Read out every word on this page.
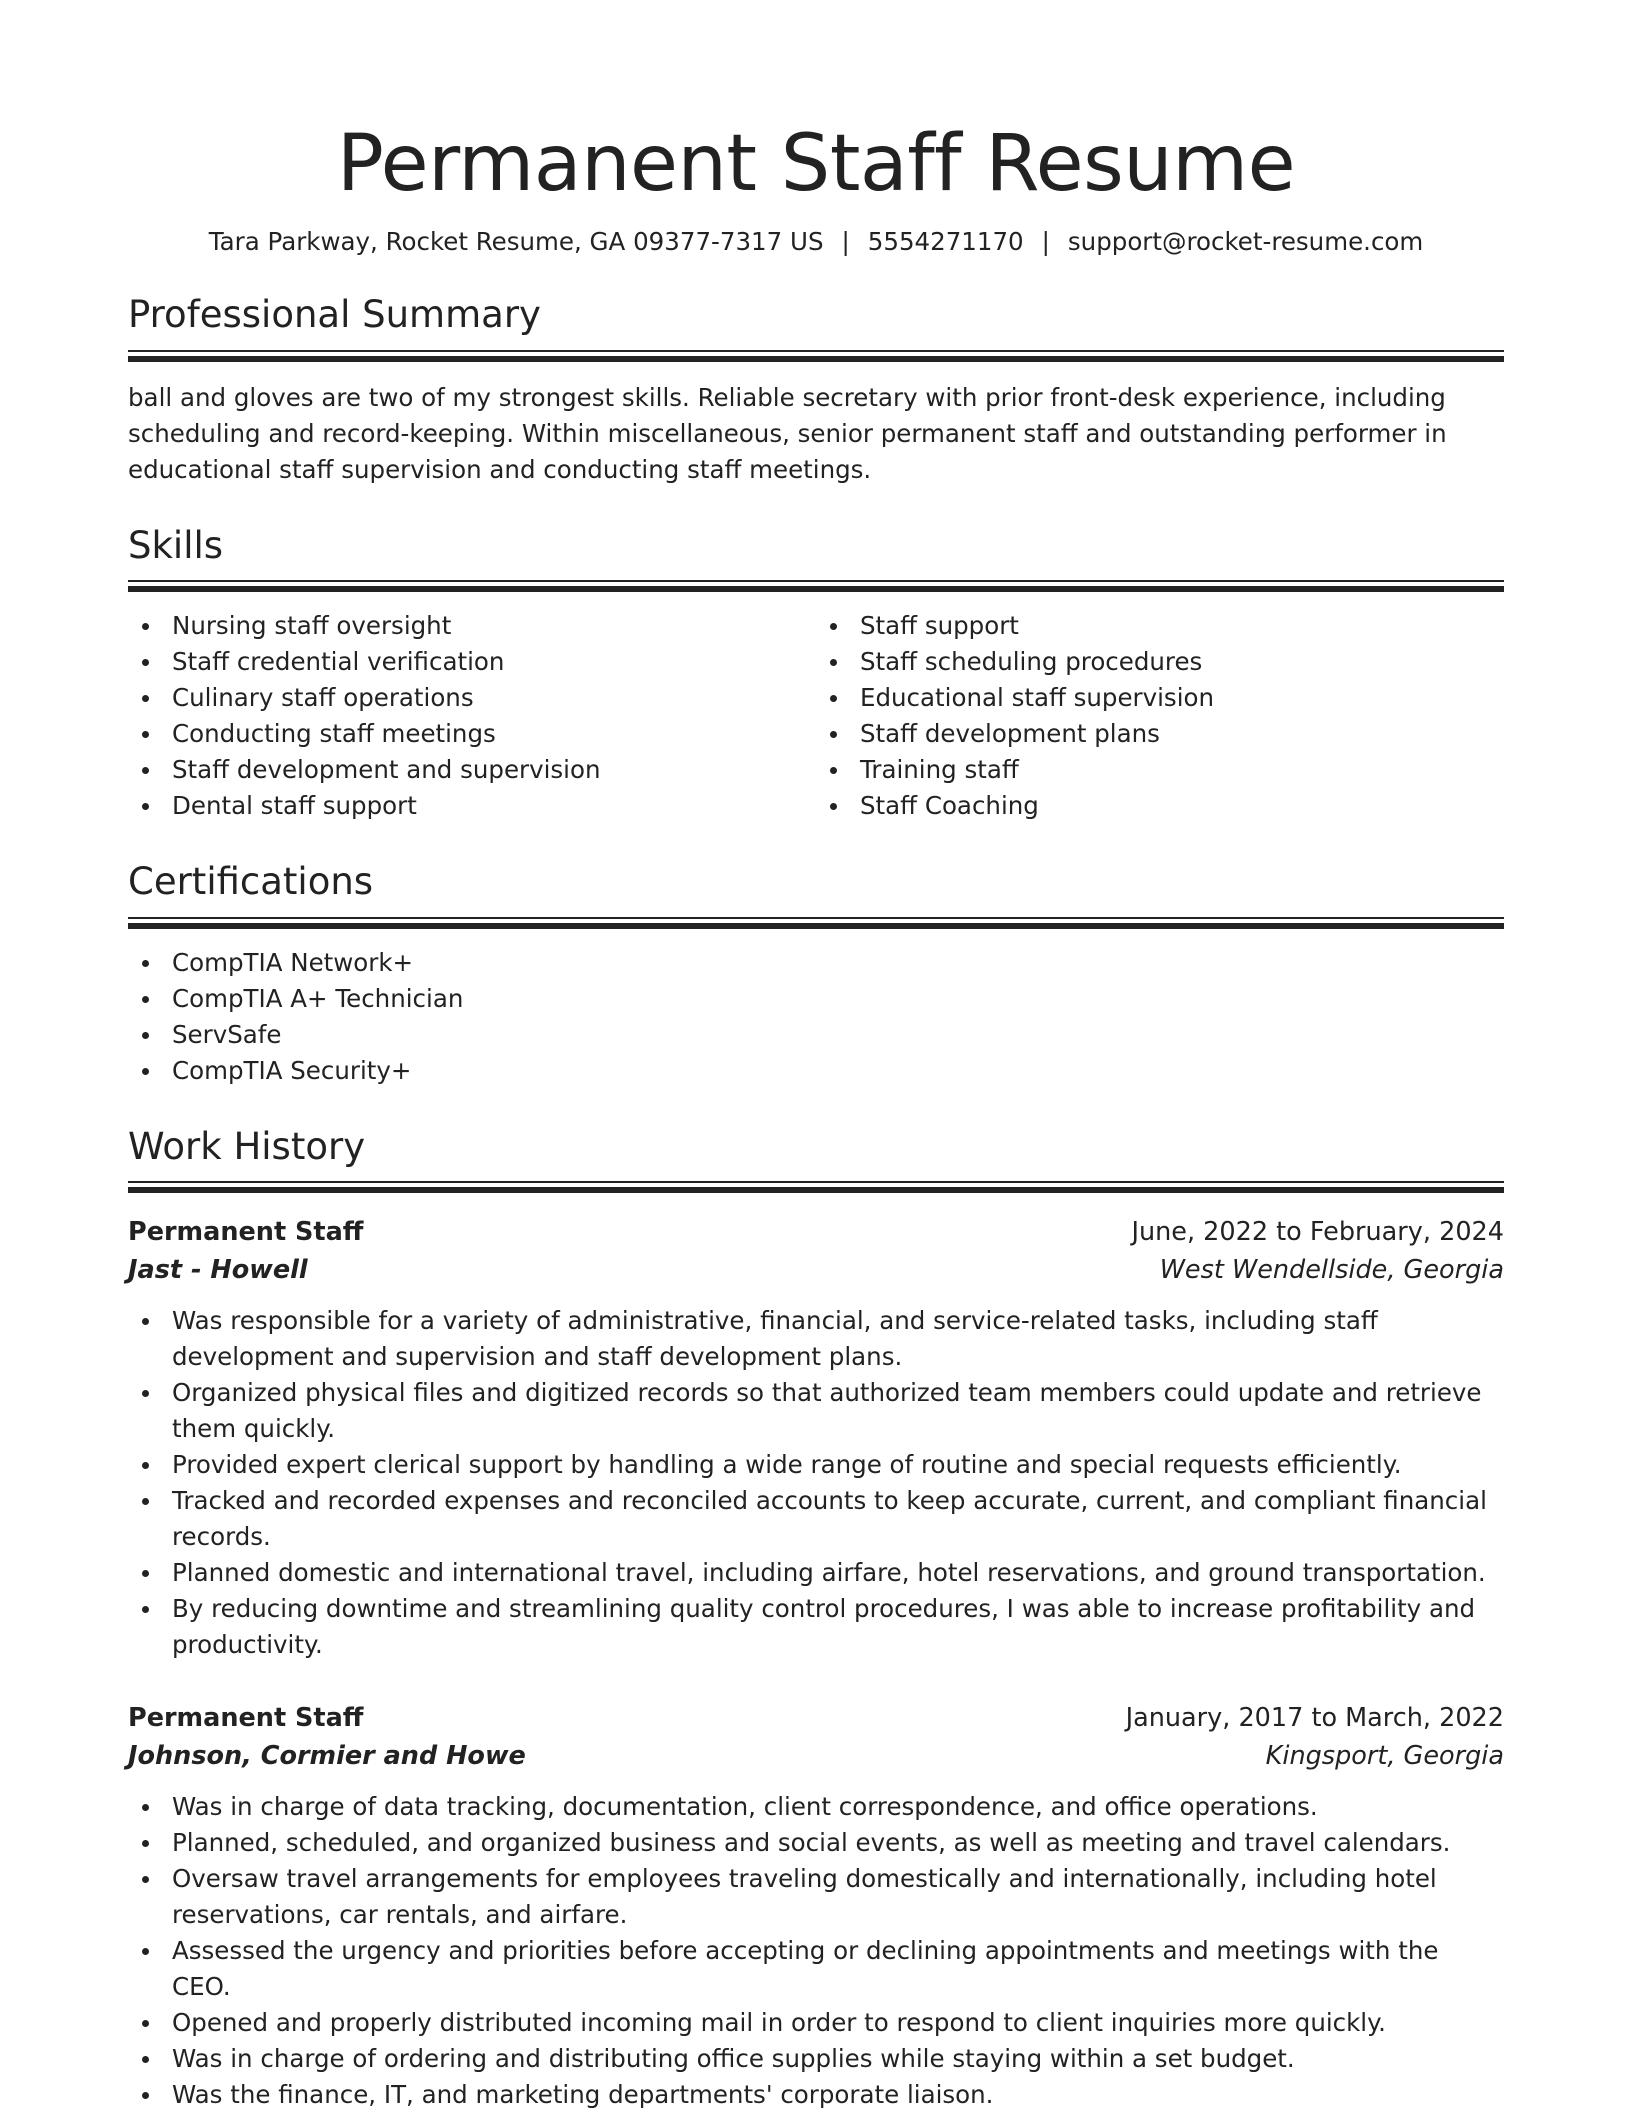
Permanent Staff Resume
Tara Parkway, Rocket Resume, GA 09377-7317 US | 5554271170 | support@rocket-resume.com
Professional Summary
ball and gloves are two of my strongest skills. Reliable secretary with prior front-desk experience, including scheduling and record-keeping. Within miscellaneous, senior permanent staff and outstanding performer in educational staff supervision and conducting staff meetings.
Skills
Nursing staff oversight
Staff credential verification
Culinary staff operations
Conducting staff meetings
Staff development and supervision
Dental staff support
Staff support
Staff scheduling procedures
Educational staff supervision
Staff development plans
Training staff
Staff Coaching
Certifications
CompTIA Network+
CompTIA A+ Technician
ServSafe
CompTIA Security+
Work History
Permanent Staff	June, 2022 to February, 2024
Jast - Howell	West Wendellside, Georgia
Was responsible for a variety of administrative, financial, and service-related tasks, including staff development and supervision and staff development plans.
Organized physical files and digitized records so that authorized team members could update and retrieve them quickly.
Provided expert clerical support by handling a wide range of routine and special requests efficiently.
Tracked and recorded expenses and reconciled accounts to keep accurate, current, and compliant financial records.
Planned domestic and international travel, including airfare, hotel reservations, and ground transportation.
By reducing downtime and streamlining quality control procedures, I was able to increase profitability and productivity.
Permanent Staff	January, 2017 to March, 2022
Johnson, Cormier and Howe	Kingsport, Georgia
Was in charge of data tracking, documentation, client correspondence, and office operations.
Planned, scheduled, and organized business and social events, as well as meeting and travel calendars.
Oversaw travel arrangements for employees traveling domestically and internationally, including hotel reservations, car rentals, and airfare.
Assessed the urgency and priorities before accepting or declining appointments and meetings with the CEO.
Opened and properly distributed incoming mail in order to respond to client inquiries more quickly.
Was in charge of ordering and distributing office supplies while staying within a set budget.
Was the finance, IT, and marketing departments' corporate liaison.
